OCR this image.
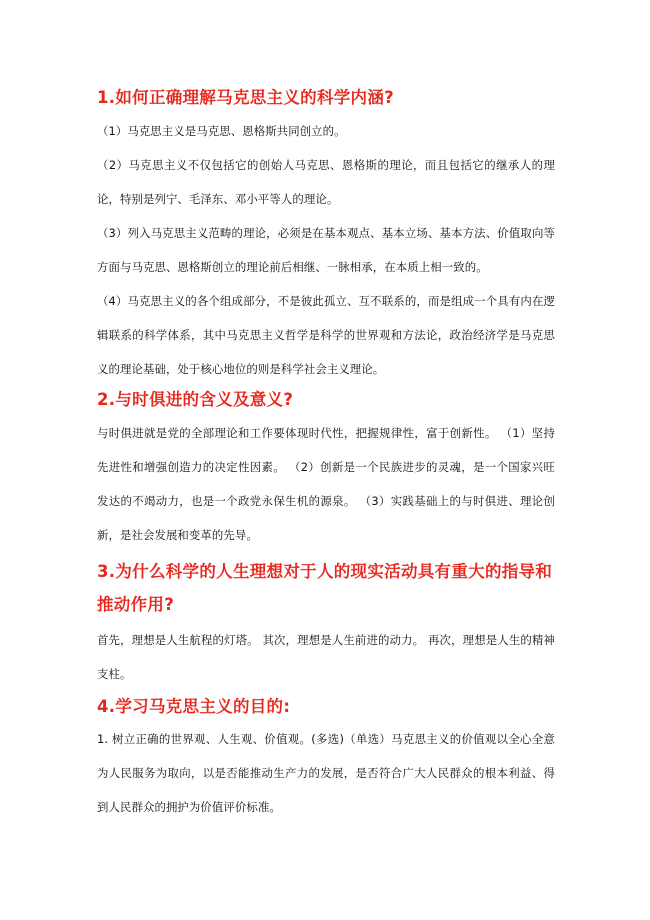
1.如何正确理解马克思主义的科学内涵?

（1）马克思主义是马克思、恩格斯共同创立的。

（2）马克思主义不仅包括它的创始人马克思、恩格斯的理论，而且包括它的继承人的理论，特别是列宁、毛泽东、邓小平等人的理论。

（3）列入马克思主义范畴的理论，必须是在基本观点、基本立场、基本方法、价值取向等方面与马克思、恩格斯创立的理论前后相继、一脉相承，在本质上相一致的。

（4）马克思主义的各个组成部分，不是彼此孤立、互不联系的，而是组成一个具有内在逻辑联系的科学体系，其中马克思主义哲学是科学的世界观和方法论，政治经济学是马克思义的理论基础，处于核心地位的则是科学社会主义理论。

2.与时俱进的含义及意义?

与时俱进就是党的全部理论和工作要体现时代性，把握规律性，富于创新性。 （1）坚持先进性和增强创造力的决定性因素。 （2）创新是一个民族进步的灵魂，是一个国家兴旺发达的不竭动力，也是一个政党永保生机的源泉。 （3）实践基础上的与时俱进、理论创新，是社会发展和变革的先导。

3.为什么科学的人生理想对于人的现实活动具有重大的指导和推动作用?

首先，理想是人生航程的灯塔。 其次，理想是人生前进的动力。 再次，理想是人生的精神支柱。

4.学习马克思主义的目的:

1. 树立正确的世界观、人生观、价值观。(多选)（单选）马克思主义的价值观以全心全意为人民服务为取向，以是否能推动生产力的发展，是否符合广大人民群众的根本利益、得到人民群众的拥护为价值评价标准。
